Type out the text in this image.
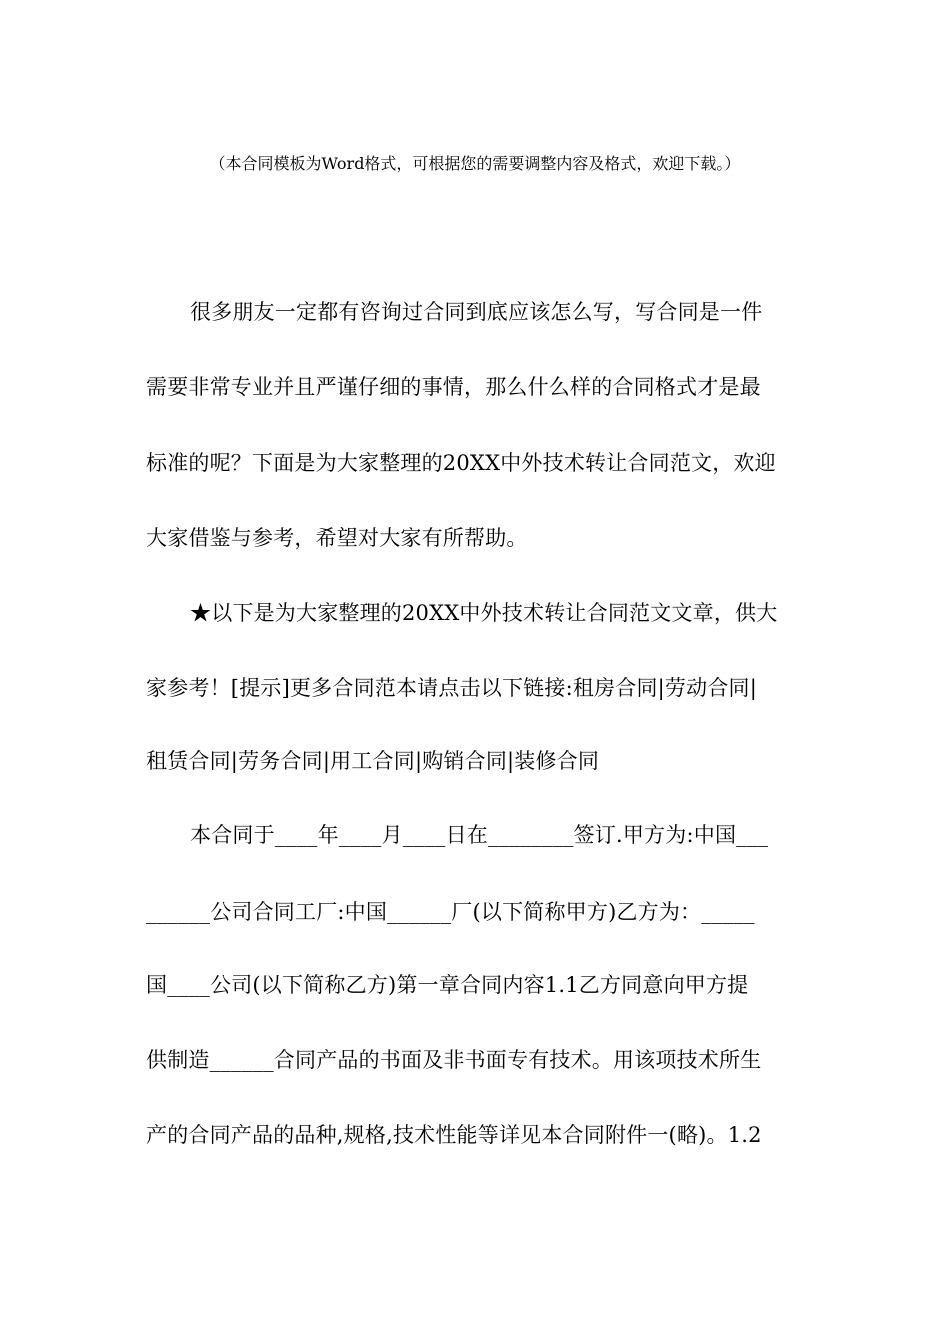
（本合同模板为Word格式，可根据您的需要调整内容及格式，欢迎下载。）
很多朋友一定都有咨询过合同到底应该怎么写，写合同是一件
需要非常专业并且严谨仔细的事情，那么什么样的合同格式才是最
标准的呢？下面是为大家整理的20XX中外技术转让合同范文，欢迎
大家借鉴与参考，希望对大家有所帮助。
★以下是为大家整理的20XX中外技术转让合同范文文章，供大
家参考！[提示]更多合同范本请点击以下链接:租房合同|劳动合同|
租赁合同|劳务合同|用工合同|购销合同|装修合同
本合同于____年____月____日在________签订.甲方为:中国___
______公司合同工厂:中国______厂(以下简称甲方)乙方为：_____
国____公司(以下简称乙方)第一章合同内容1.1乙方同意向甲方提
供制造______合同产品的书面及非书面专有技术。用该项技术所生
产的合同产品的品种,规格,技术性能等详见本合同附件一(略)。1.2
